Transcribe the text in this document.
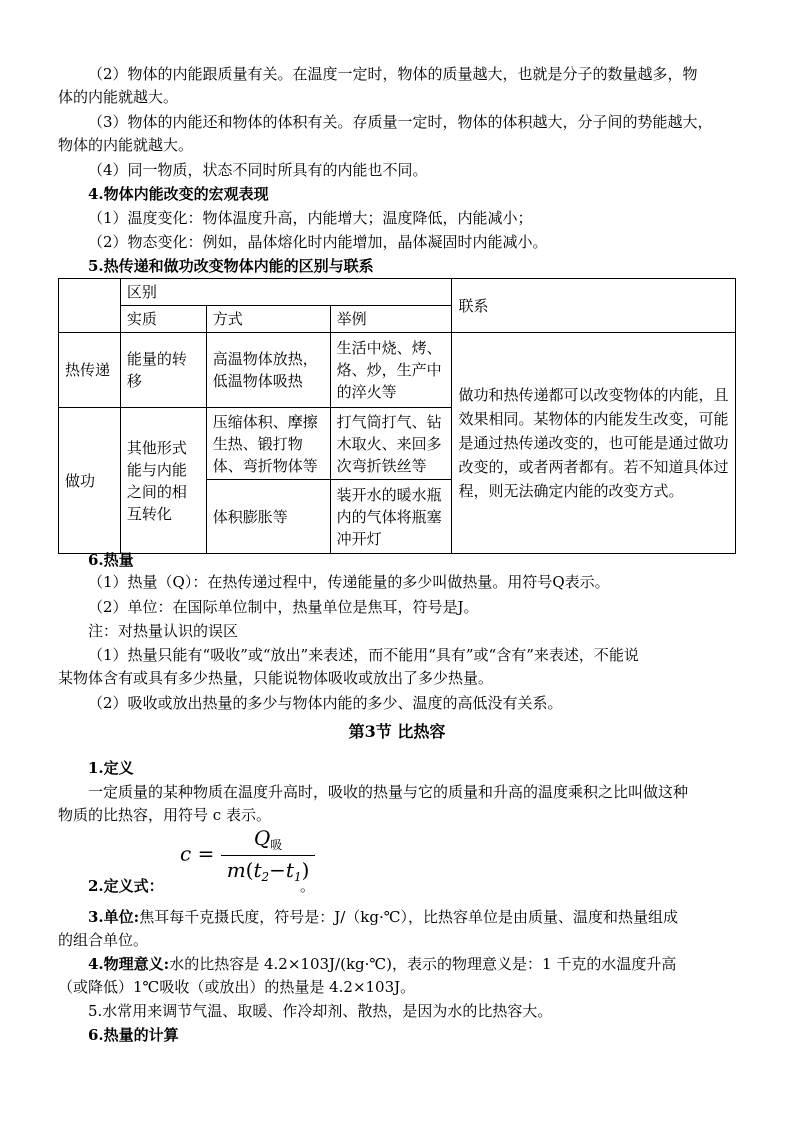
（2）物体的内能跟质量有关。在温度一定时，物体的质量越大，也就是分子的数量越多，物
体的内能就越大。
（3）物体的内能还和物体的体积有关。存质量一定时，物体的体积越大，分子间的势能越大，
物体的内能就越大。
（4）同一物质，状态不同时所具有的内能也不同。
4.物体内能改变的宏观表现
（1）温度变化：物体温度升高，内能增大；温度降低，内能减小；
（2）物态变化：例如，晶体熔化时内能增加，晶体凝固时内能减小。
5.热传递和做功改变物体内能的区别与联系
	区别			联系
	实质	方式	举例	
热传递	能量的转移	高温物体放热，低温物体吸热	生活中烧、烤、烙、炒，生产中的淬火等	做功和热传递都可以改变物体的内能，且效果相同。某物体的内能发生改变，可能是通过热传递改变的，也可能是通过做功改变的，或者两者都有。若不知道具体过程，则无法确定内能的改变方式。
做功	其他形式能与内能之间的相互转化	压缩体积、摩擦生热、锻打物体、弯折物体等	打气筒打气、钻木取火、来回多次弯折铁丝等	
		体积膨胀等	装开水的暖水瓶内的气体将瓶塞冲开灯	
6.热量
（1）热量（Q）：在热传递过程中，传递能量的多少叫做热量。用符号Q表示。
（2）单位：在国际单位制中，热量单位是焦耳，符号是J。
注：对热量认识的误区
（1）热量只能有“吸收”或“放出”来表述，而不能用“具有”或“含有”来表述，不能说
某物体含有或具有多少热量，只能说物体吸收或放出了多少热量。
（2）吸收或放出热量的多少与物体内能的多少、温度的高低没有关系。
第3节 比热容
1.定义
一定质量的某种物质在温度升高时，吸收的热量与它的质量和升高的温度乘积之比叫做这种
物质的比热容，用符号 c 表示。
$c = \frac{Q_吸}{m(t_2-t_1)}$
2.定义式：	。
3.单位:焦耳每千克摄氏度，符号是：J/（kg·℃），比热容单位是由质量、温度和热量组成
的组合单位。
4.物理意义:水的比热容是 4.2×103J/(kg·℃)，表示的物理意义是：1 千克的水温度升高
（或降低）1℃吸收（或放出）的热量是 4.2×103J。
5.水常用来调节气温、取暖、作冷却剂、散热，是因为水的比热容大。
6.热量的计算
